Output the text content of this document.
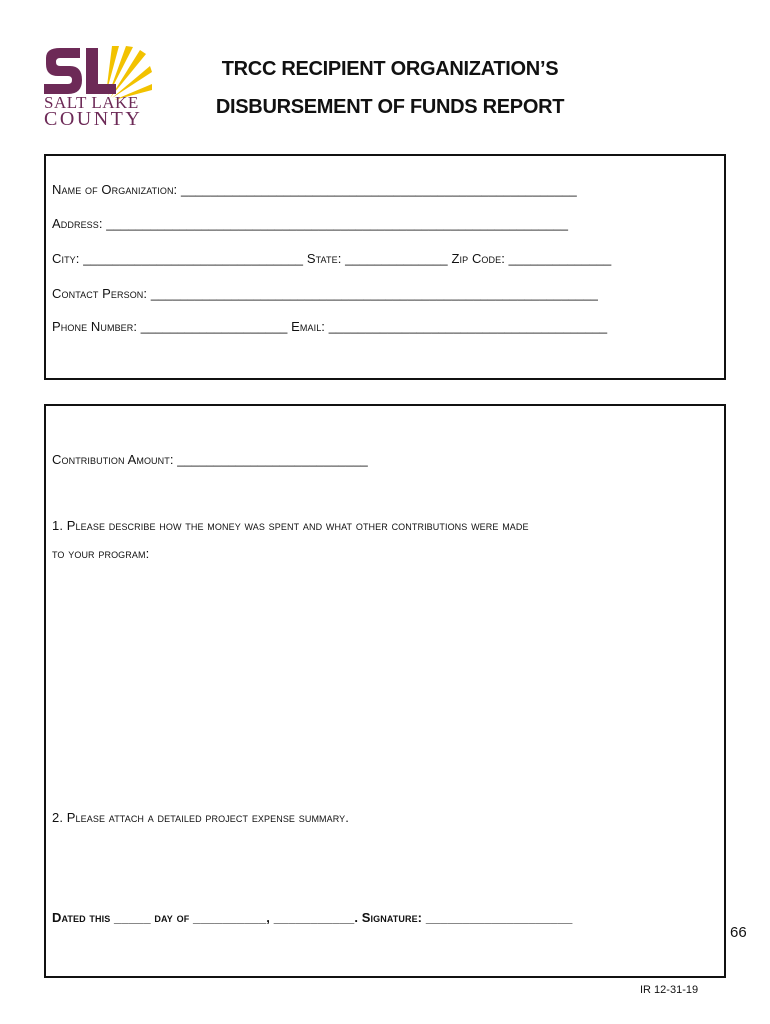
SALT LAKE
COUNTY
TRCC RECIPIENT ORGANIZATION’S
DISBURSEMENT OF FUNDS REPORT
Name of Organization: ______________________________________________________
Address: _______________________________________________________________
City: ______________________________ State: ______________ Zip Code: ______________
Contact Person: _____________________________________________________________
Phone Number: ____________________ Email: ______________________________________
Contribution Amount: __________________________
1. Please describe how the money was spent and what other contributions were made
to your program:
2. Please attach a detailed project expense summary.
Dated this _____ day of __________, ___________. Signature: ____________________
66
IR 12-31-19
